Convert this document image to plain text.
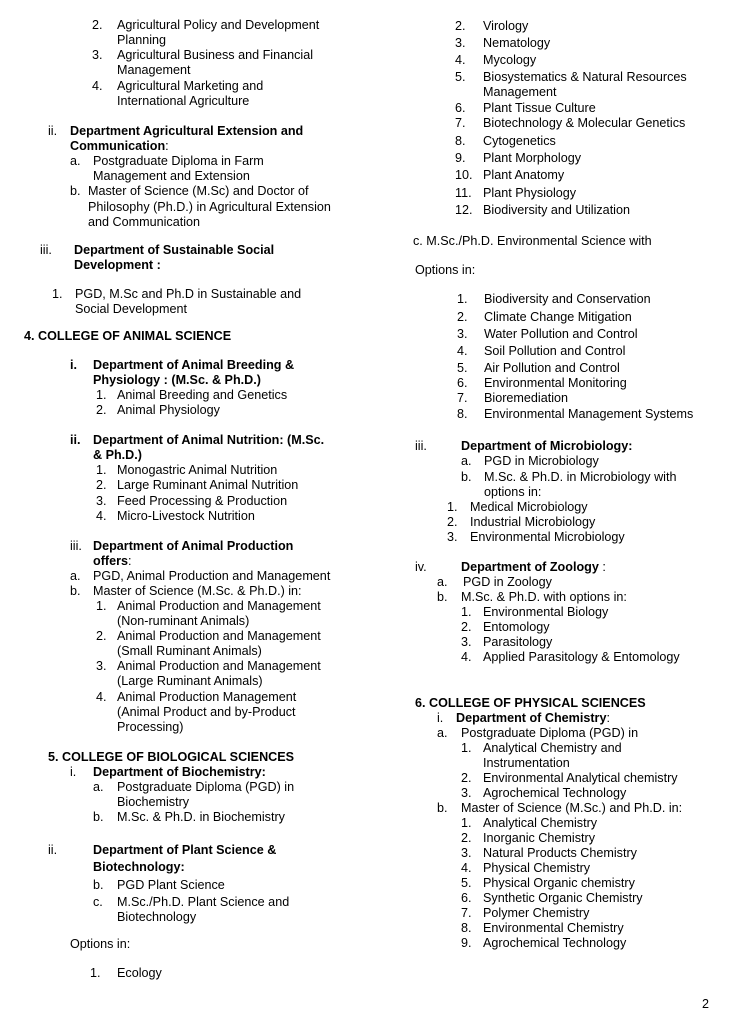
2. Agricultural Policy and Development
Planning
3. Agricultural Business and Financial
Management
4. Agricultural Marketing and
International Agriculture
ii. Department Agricultural Extension and
Communication:
a. Postgraduate Diploma in Farm
Management and Extension
b. Master of Science (M.Sc) and Doctor of
Philosophy (Ph.D.) in Agricultural Extension
and Communication
iii. Department of Sustainable Social
Development :
1. PGD, M.Sc and Ph.D in Sustainable and
Social Development
4. COLLEGE OF ANIMAL SCIENCE
i. Department of Animal Breeding &
Physiology : (M.Sc. & Ph.D.)
1. Animal Breeding and Genetics
2. Animal Physiology
ii. Department of Animal Nutrition: (M.Sc.
& Ph.D.)
1. Monogastric Animal Nutrition
2. Large Ruminant Animal Nutrition
3. Feed Processing & Production
4. Micro-Livestock Nutrition
iii. Department of Animal Production
offers:
a. PGD, Animal Production and Management
b. Master of Science (M.Sc. & Ph.D.) in:
1. Animal Production and Management
(Non-ruminant Animals)
2. Animal Production and Management
(Small Ruminant Animals)
3. Animal Production and Management
(Large Ruminant Animals)
4. Animal Production Management
(Animal Product and by-Product
Processing)
5. COLLEGE OF BIOLOGICAL SCIENCES
i. Department of Biochemistry:
a. Postgraduate Diploma (PGD) in
Biochemistry
b. M.Sc. & Ph.D. in Biochemistry
ii.	Department of Plant Science &
Biotechnology:
b. PGD Plant Science
c. M.Sc./Ph.D. Plant Science and
Biotechnology
Options in:
1. Ecology
2. Virology
3. Nematology
4. Mycology
5. Biosystematics & Natural Resources
Management
6. Plant Tissue Culture
7. Biotechnology & Molecular Genetics
8. Cytogenetics
9. Plant Morphology
10. Plant Anatomy
11. Plant Physiology
12. Biodiversity and Utilization
c. M.Sc./Ph.D. Environmental Science with
Options in:
1. Biodiversity and Conservation
2. Climate Change Mitigation
3. Water Pollution and Control
4. Soil Pollution and Control
5. Air Pollution and Control
6. Environmental Monitoring
7. Bioremediation
8. Environmental Management Systems
iii.	Department of Microbiology:
a. PGD in Microbiology
b. M.Sc. & Ph.D. in Microbiology with
options in:
1. Medical Microbiology
2. Industrial Microbiology
3. Environmental Microbiology
iv.	Department of Zoology :
a. PGD in Zoology
b. M.Sc. & Ph.D. with options in:
1. Environmental Biology
2. Entomology
3. Parasitology
4. Applied Parasitology & Entomology
6. COLLEGE OF PHYSICAL SCIENCES
i. Department of Chemistry:
a. Postgraduate Diploma (PGD) in
1. Analytical Chemistry and
Instrumentation
2. Environmental Analytical chemistry
3. Agrochemical Technology
b. Master of Science (M.Sc.) and Ph.D. in:
1. Analytical Chemistry
2. Inorganic Chemistry
3. Natural Products Chemistry
4. Physical Chemistry
5. Physical Organic chemistry
6. Synthetic Organic Chemistry
7. Polymer Chemistry
8. Environmental Chemistry
9. Agrochemical Technology
2
